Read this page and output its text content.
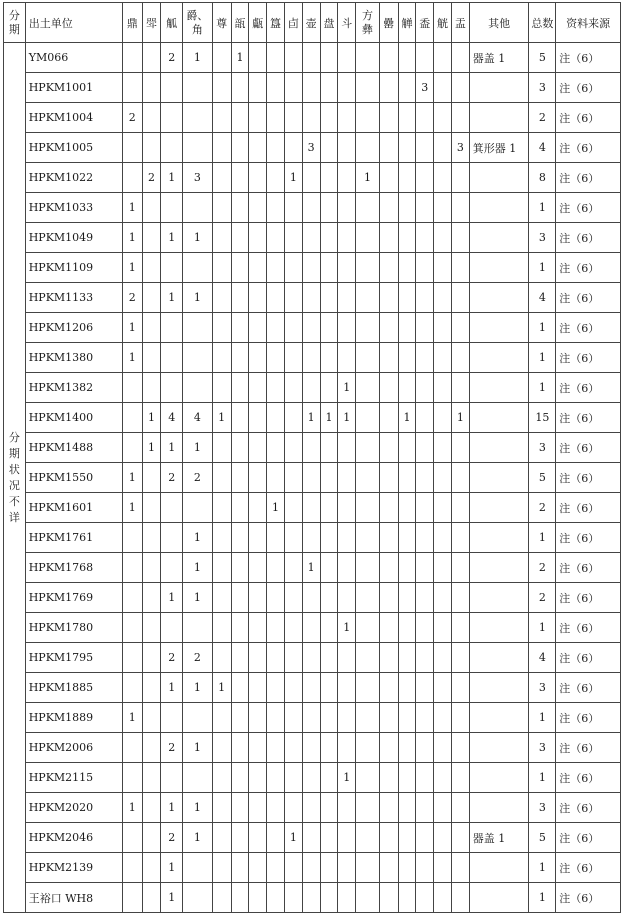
分期	出土单位	鼎	斝	觚	爵、角	尊	瓿	甗	簋	卣	壶	盘	斗	方彝	罍	觯	盉	觥	盂	其他	总数	资料来源
分期状况不详	YM066			2	1		1													器盖 1	5	注（6）
	HPKM1001																3				3	注（6）
	HPKM1004	2																			2	注（6）
	HPKM1005										3								3	箕形器 1	4	注（6）
	HPKM1022		2	1	3					1				1							8	注（6）
	HPKM1033	1																			1	注（6）
	HPKM1049	1		1	1																3	注（6）
	HPKM1109	1																			1	注（6）
	HPKM1133	2		1	1																4	注（6）
	HPKM1206	1																			1	注（6）
	HPKM1380	1																			1	注（6）
	HPKM1382												1								1	注（6）
	HPKM1400		1	4	4	1					1	1	1			1			1		15	注（6）
	HPKM1488		1	1	1																3	注（6）
	HPKM1550	1		2	2																5	注（6）
	HPKM1601	1							1												2	注（6）
	HPKM1761				1																1	注（6）
	HPKM1768				1						1										2	注（6）
	HPKM1769			1	1																2	注（6）
	HPKM1780												1								1	注（6）
	HPKM1795			2	2																4	注（6）
	HPKM1885			1	1	1															3	注（6）
	HPKM1889	1																			1	注（6）
	HPKM2006			2	1																3	注（6）
	HPKM2115												1								1	注（6）
	HPKM2020	1		1	1																3	注（6）
	HPKM2046			2	1					1										器盖 1	5	注（6）
	HPKM2139			1																	1	注（6）
	王裕口 WH8			1																	1	注（6）
